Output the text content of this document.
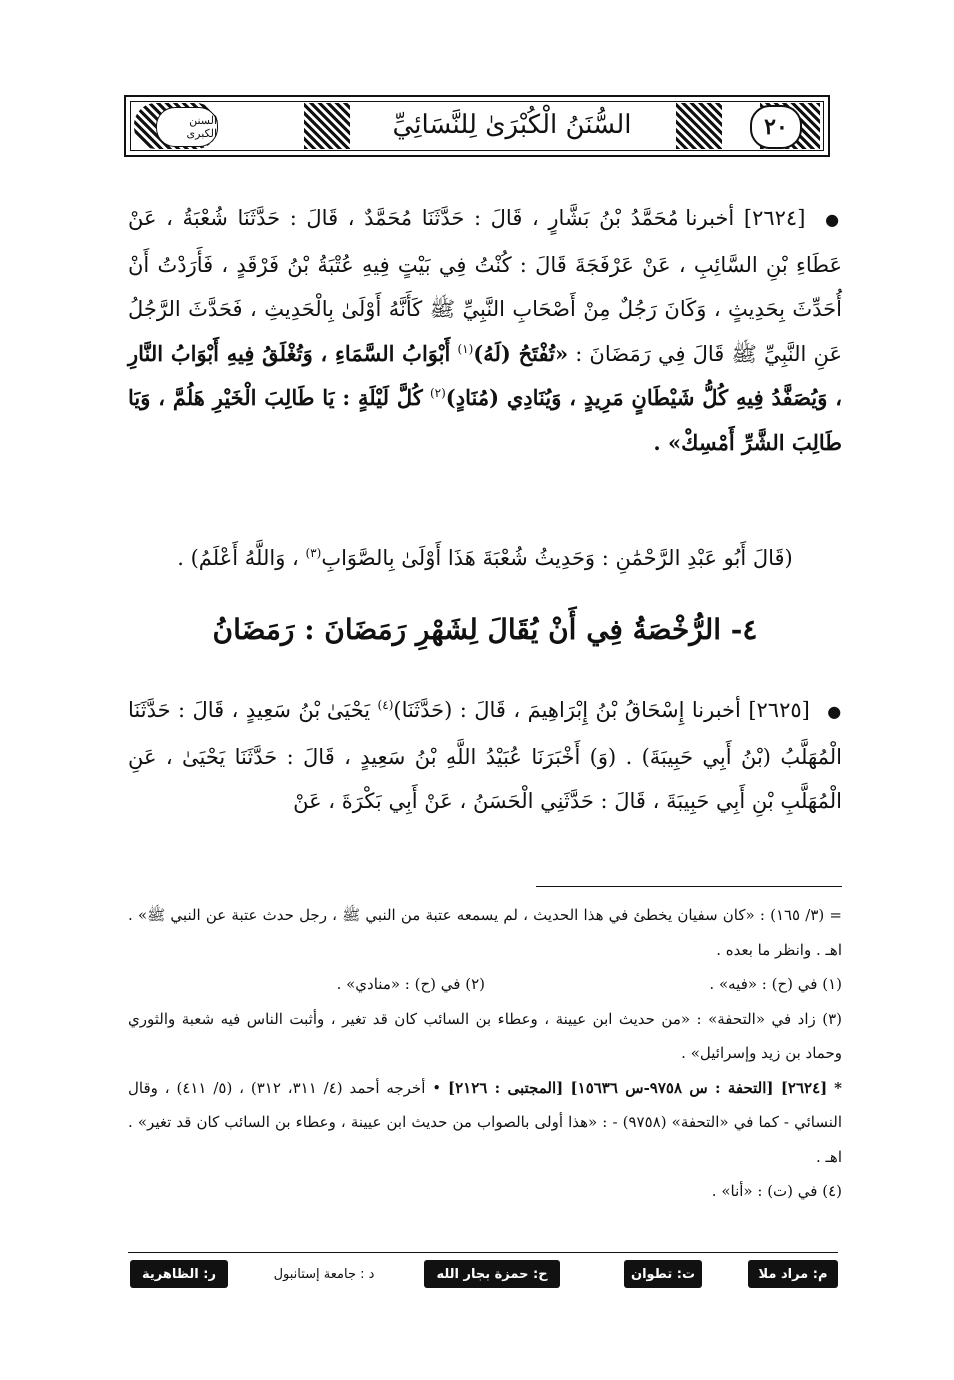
السنن الكبرى	٢٠
السُّنَنُ الْكُبْرَىٰ لِلنَّسَائِيِّ
● [٢٦٢٤] أخبرنا مُحَمَّدُ بْنُ بَشَّارٍ ، قَالَ : حَدَّثَنَا مُحَمَّدٌ ، قَالَ : حَدَّثَنَا شُعْبَةُ ، عَنْ عَطَاءِ بْنِ السَّائِبِ ، عَنْ عَرْفَجَةَ قَالَ : كُنْتُ فِي بَيْتٍ فِيهِ عُتْبَةُ بْنُ فَرْقَدٍ ، فَأَرَدْتُ أَنْ أُحَدِّثَ بِحَدِيثٍ ، وَكَانَ رَجُلٌ مِنْ أَصْحَابِ النَّبِيِّ ﷺ كَأَنَّهُ أَوْلَىٰ بِالْحَدِيثِ ، فَحَدَّثَ الرَّجُلُ عَنِ النَّبِيِّ ﷺ قَالَ فِي رَمَضَانَ : «تُفْتَحُ (لَهُ)$^{(١)}$ أَبْوَابُ السَّمَاءِ ، وَتُغْلَقُ فِيهِ أَبْوَابُ النَّارِ ، وَيُصَفَّدُ فِيهِ كُلُّ شَيْطَانٍ مَرِيدٍ ، وَيُنَادِي (مُنَادٍ)$^{(٢)}$ كُلَّ لَيْلَةٍ : يَا طَالِبَ الْخَيْرِ هَلُمَّ ، وَيَا طَالِبَ الشَّرِّ أَمْسِكْ» .
(قَالَ أَبُو عَبْدِ الرَّحْمَٰنِ : وَحَدِيثُ شُعْبَةَ هَذَا أَوْلَىٰ بِالصَّوَابِ$^{(٣)}$ ، وَاللَّهُ أَعْلَمُ) .
٤- الرُّخْصَةُ فِي أَنْ يُقَالَ لِشَهْرِ رَمَضَانَ : رَمَضَانُ
● [٢٦٢٥] أخبرنا إِسْحَاقُ بْنُ إِبْرَاهِيمَ ، قَالَ : (حَدَّثَنَا)$^{(٤)}$ يَحْيَىٰ بْنُ سَعِيدٍ ، قَالَ : حَدَّثَنَا الْمُهَلَّبُ (بْنُ أَبِي حَبِيبَةَ) . (وَ) أَخْبَرَنَا عُبَيْدُ اللَّهِ بْنُ سَعِيدٍ ، قَالَ : حَدَّثَنَا يَحْيَىٰ ، عَنِ الْمُهَلَّبِ بْنِ أَبِي حَبِيبَةَ ، قَالَ : حَدَّثَنِي الْحَسَنُ ، عَنْ أَبِي بَكْرَةَ ، عَنْ

= (٣/ ١٦٥) : «كان سفيان يخطئ في هذا الحديث ، لم يسمعه عتبة من النبي ﷺ ، رجل حدث عتبة عن النبي ﷺ» . اهـ . وانظر ما بعده .

(١) في (ح) : «فيه» .
(٢) في (ح) : «منادي» .

(٣) زاد في «التحفة» : «من حديث ابن عيينة ، وعطاء بن السائب كان قد تغير ، وأثبت الناس فيه شعبة والثوري وحماد بن زيد وإسرائيل» .

* [٢٦٢٤] [التحفة : س ٩٧٥٨-س ١٥٦٣٦] [المجتبى : ٢١٢٦] • أخرجه أحمد (٤/ ٣١١، ٣١٢) ، (٥/ ٤١١) ، وقال النسائي - كما في «التحفة» (٩٧٥٨) - : «هذا أولى بالصواب من حديث ابن عيينة ، وعطاء بن السائب كان قد تغير» . اهـ .

(٤) في (ت) : «أنا» .

م: مراد ملا
ت: تطوان
ح: حمزة بجار الله
د : جامعة إستانبول
ر: الظاهرية
